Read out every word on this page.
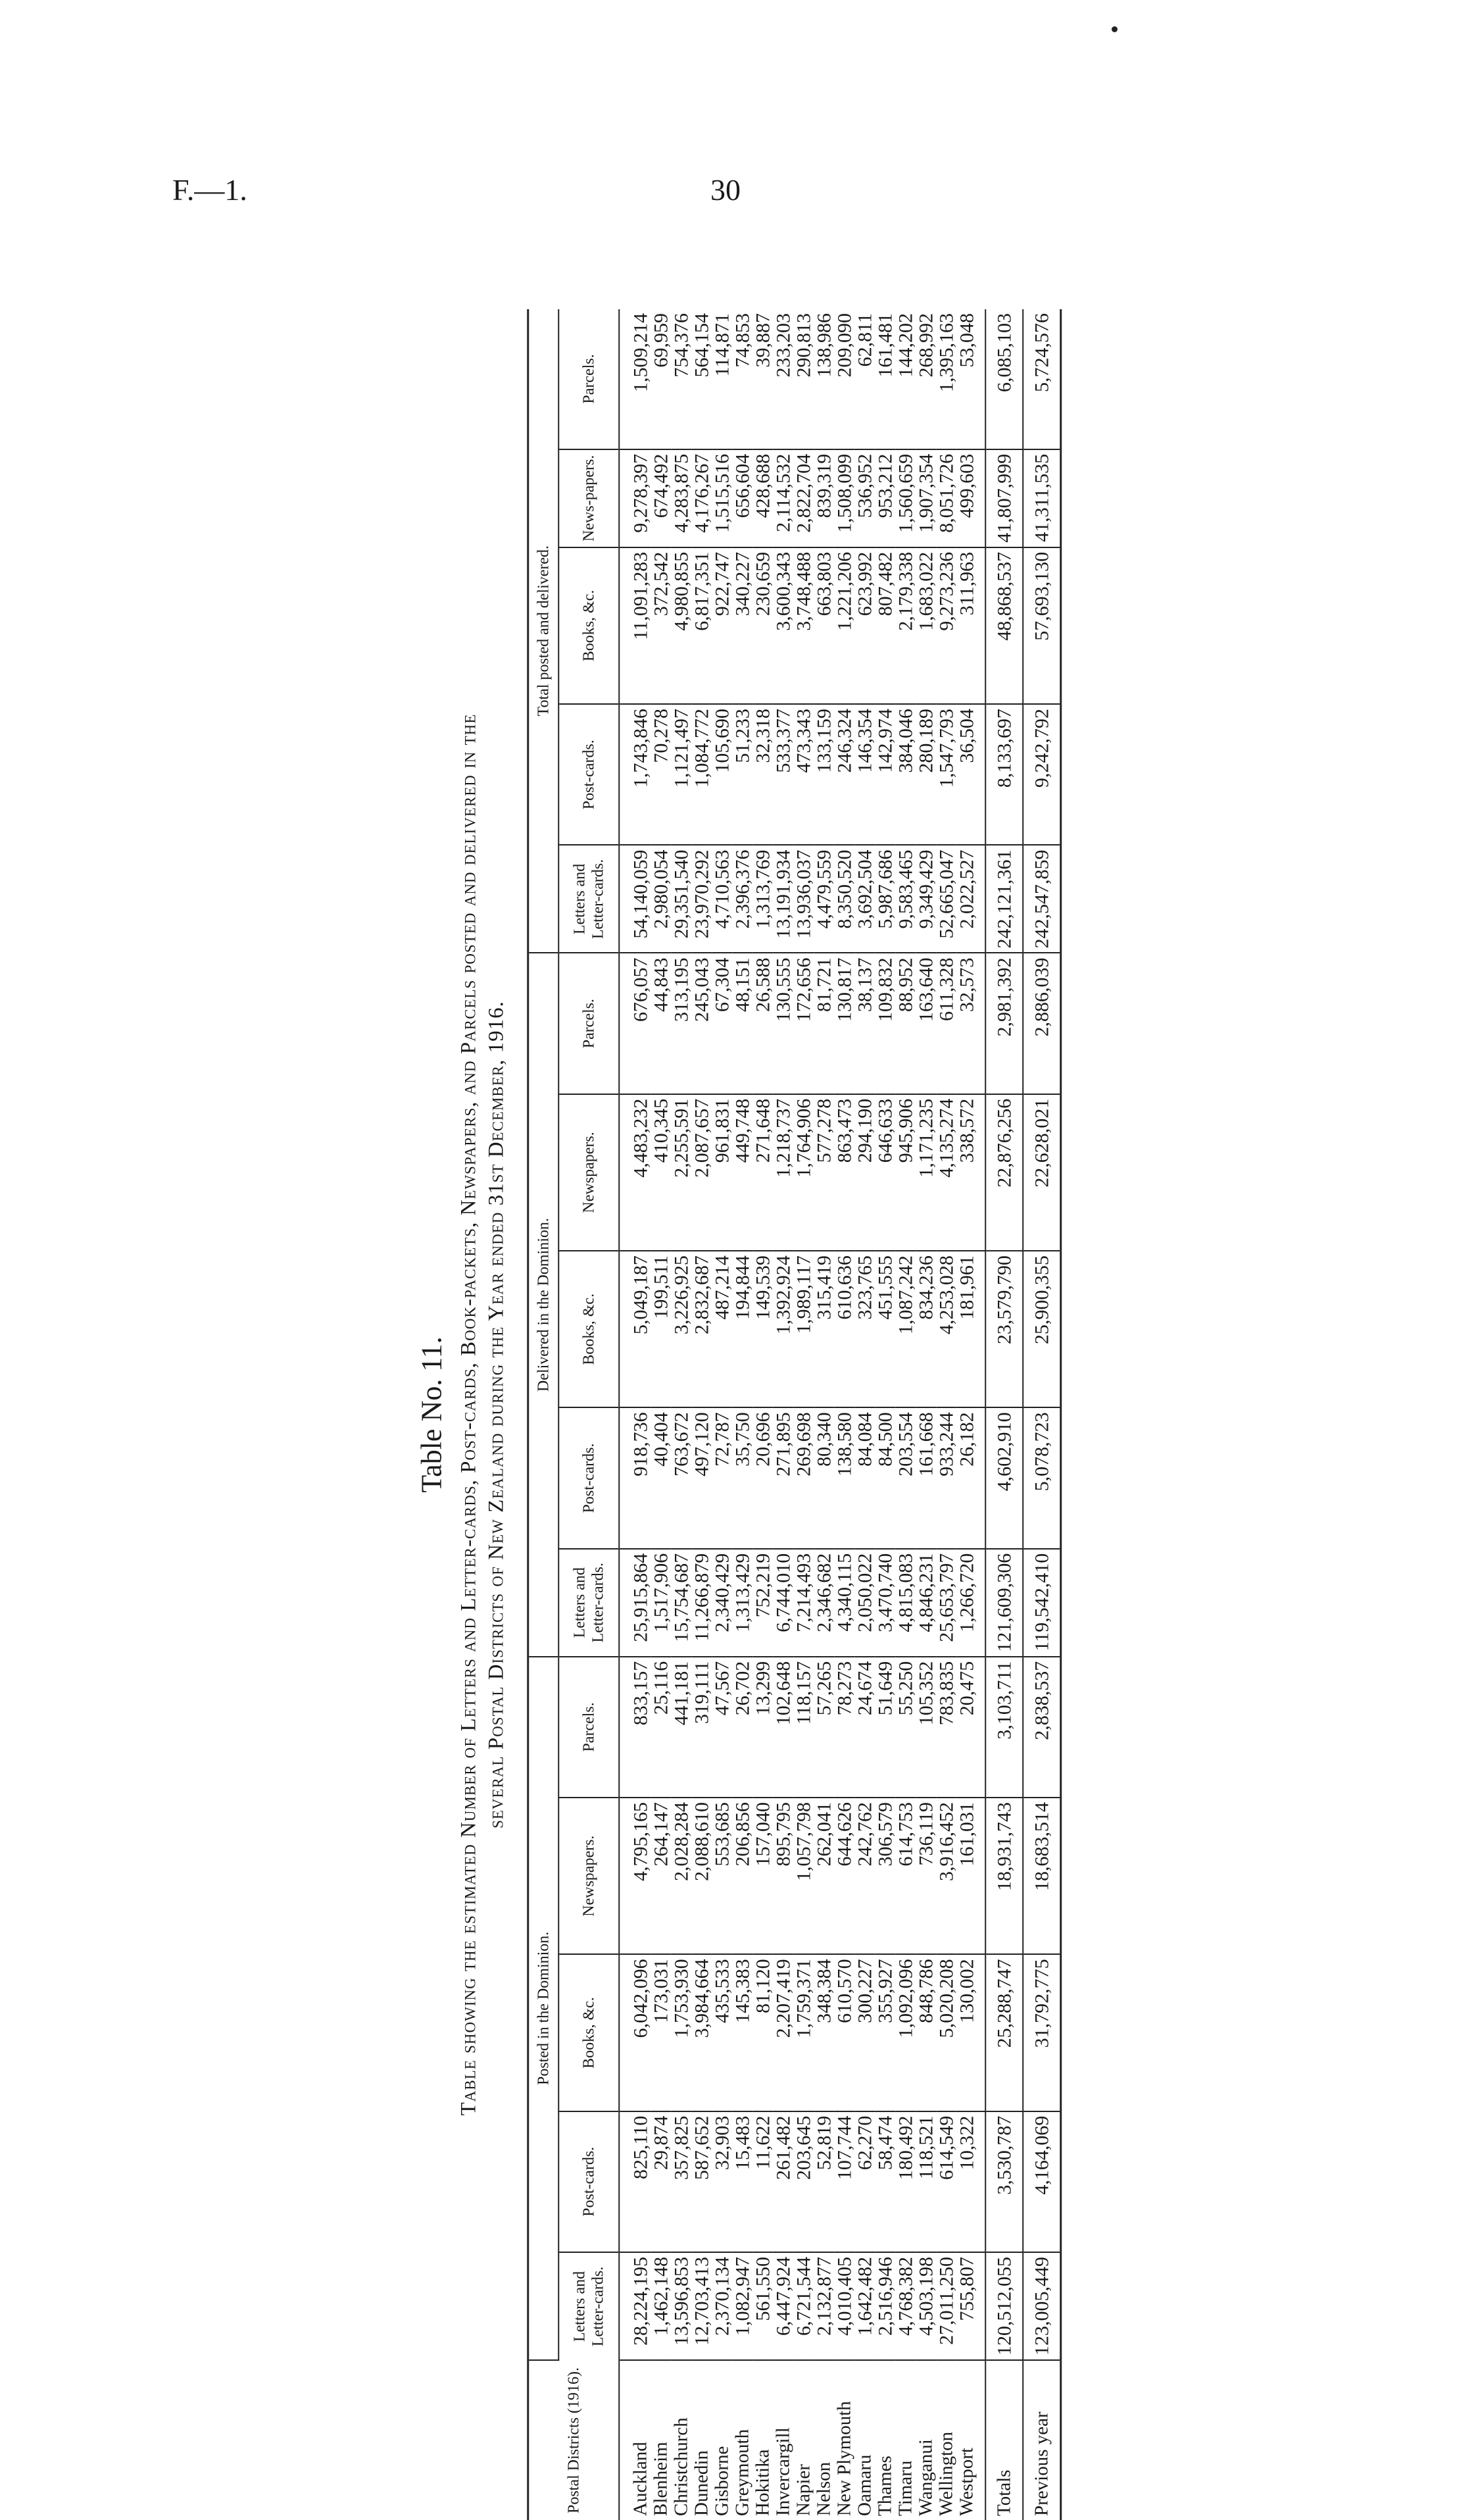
F.—1.	30
Table No. 11. Table showing the estimated Number of Letters and Letter-cards, Post-cards, Book-packets, Newspapers, and Parcels posted and delivered in the several Postal Districts of New Zealand during the Year ended 31st December, 1916.
Postal Districts (1916).	Posted in the Dominion.					Delivered in the Dominion.					Total posted and delivered.				
	Letters and Letter-cards.	Post-cards.	Books, &c.	Newspapers.	Parcels.	Letters and Letter-cards.	Post-cards.	Books, &c.	Newspapers.	Parcels.	Letters and Letter-cards.	Post-cards.	Books, &c.	News-papers.	Parcels.
Auckland	28,224,195	825,110	6,042,096	4,795,165	833,157	25,915,864	918,736	5,049,187	4,483,232	676,057	54,140,059	1,743,846	11,091,283	9,278,397	1,509,214
Blenheim	1,462,148	29,874	173,031	264,147	25,116	1,517,906	40,404	199,511	410,345	44,843	2,980,054	70,278	372,542	674,492	69,959
Christchurch	13,596,853	357,825	1,753,930	2,028,284	441,181	15,754,687	763,672	3,226,925	2,255,591	313,195	29,351,540	1,121,497	4,980,855	4,283,875	754,376
Dunedin	12,703,413	587,652	3,984,664	2,088,610	319,111	11,266,879	497,120	2,832,687	2,087,657	245,043	23,970,292	1,084,772	6,817,351	4,176,267	564,154
Gisborne	2,370,134	32,903	435,533	553,685	47,567	2,340,429	72,787	487,214	961,831	67,304	4,710,563	105,690	922,747	1,515,516	114,871
Greymouth	1,082,947	15,483	145,383	206,856	26,702	1,313,429	35,750	194,844	449,748	48,151	2,396,376	51,233	340,227	656,604	74,853
Hokitika	561,550	11,622	81,120	157,040	13,299	752,219	20,696	149,539	271,648	26,588	1,313,769	32,318	230,659	428,688	39,887
Invercargill	6,447,924	261,482	2,207,419	895,795	102,648	6,744,010	271,895	1,392,924	1,218,737	130,555	13,191,934	533,377	3,600,343	2,114,532	233,203
Napier	6,721,544	203,645	1,759,371	1,057,798	118,157	7,214,493	269,698	1,989,117	1,764,906	172,656	13,936,037	473,343	3,748,488	2,822,704	290,813
Nelson	2,132,877	52,819	348,384	262,041	57,265	2,346,682	80,340	315,419	577,278	81,721	4,479,559	133,159	663,803	839,319	138,986
New Plymouth	4,010,405	107,744	610,570	644,626	78,273	4,340,115	138,580	610,636	863,473	130,817	8,350,520	246,324	1,221,206	1,508,099	209,090
Oamaru	1,642,482	62,270	300,227	242,762	24,674	2,050,022	84,084	323,765	294,190	38,137	3,692,504	146,354	623,992	536,952	62,811
Thames	2,516,946	58,474	355,927	306,579	51,649	3,470,740	84,500	451,555	646,633	109,832	5,987,686	142,974	807,482	953,212	161,481
Timaru	4,768,382	180,492	1,092,096	614,753	55,250	4,815,083	203,554	1,087,242	945,906	88,952	9,583,465	384,046	2,179,338	1,560,659	144,202
Wanganui	4,503,198	118,521	848,786	736,119	105,352	4,846,231	161,668	834,236	1,171,235	163,640	9,349,429	280,189	1,683,022	1,907,354	268,992
Wellington	27,011,250	614,549	5,020,208	3,916,452	783,835	25,653,797	933,244	4,253,028	4,135,274	611,328	52,665,047	1,547,793	9,273,236	8,051,726	1,395,163
Westport	755,807	10,322	130,002	161,031	20,475	1,266,720	26,182	181,961	338,572	32,573	2,022,527	36,504	311,963	499,603	53,048
Totals	120,512,055	3,530,787	25,288,747	18,931,743	3,103,711	121,609,306	4,602,910	23,579,790	22,876,256	2,981,392	242,121,361	8,133,697	48,868,537	41,807,999	6,085,103
Previous year	123,005,449	4,164,069	31,792,775	18,683,514	2,838,537	119,542,410	5,078,723	25,900,355	22,628,021	2,886,039	242,547,859	9,242,792	57,693,130	41,311,535	5,724,576
